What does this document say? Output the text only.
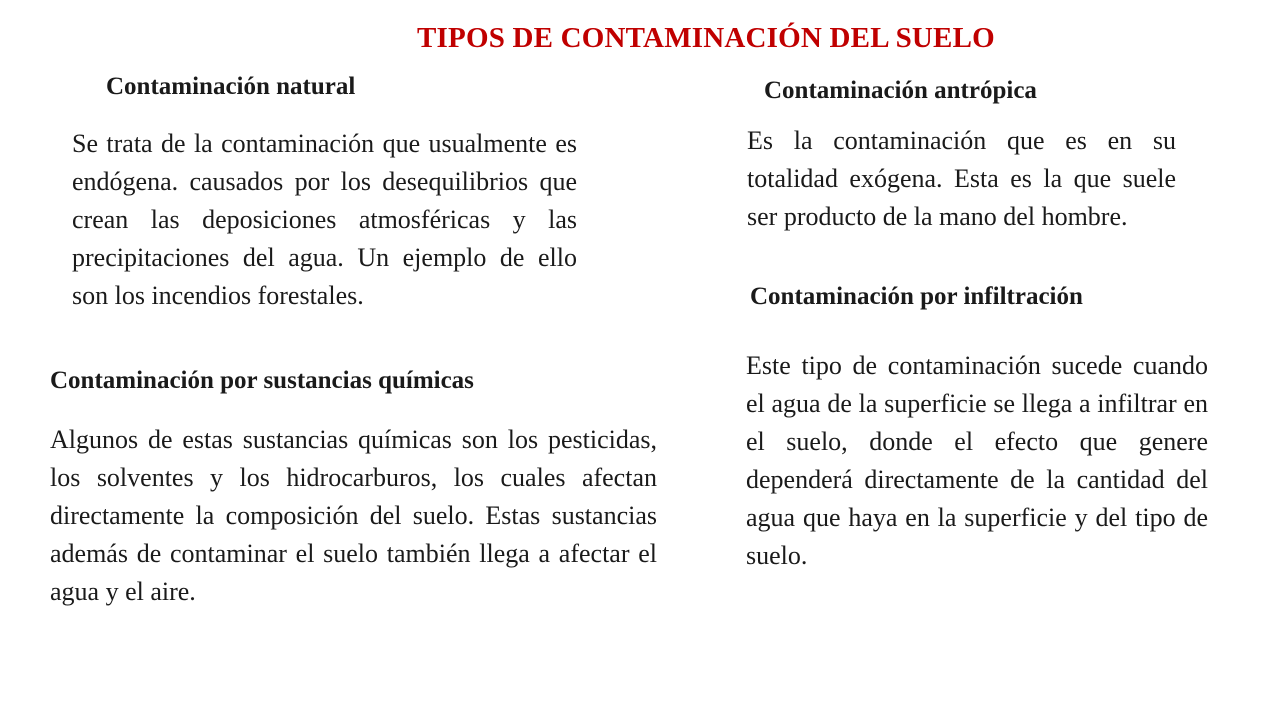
TIPOS DE CONTAMINACIÓN DEL SUELO
Contaminación natural
Se trata de la contaminación que usualmente es endógena. causados por los desequilibrios que crean las deposiciones atmosféricas y las precipitaciones del agua. Un ejemplo de ello son los incendios forestales.
Contaminación antrópica
Es la contaminación que es en su totalidad exógena. Esta es la que suele ser producto de la mano del hombre.
Contaminación por infiltración
Este tipo de contaminación sucede cuando el agua de la superficie se llega a infiltrar en el suelo, donde el efecto que genere dependerá directamente de la cantidad del agua que haya en la superficie y del tipo de suelo.
Contaminación por sustancias químicas
Algunos de estas sustancias químicas son los pesticidas, los solventes y los hidrocarburos, los cuales afectan directamente la composición del suelo. Estas sustancias además de contaminar el suelo también llega a afectar el agua y el aire.
